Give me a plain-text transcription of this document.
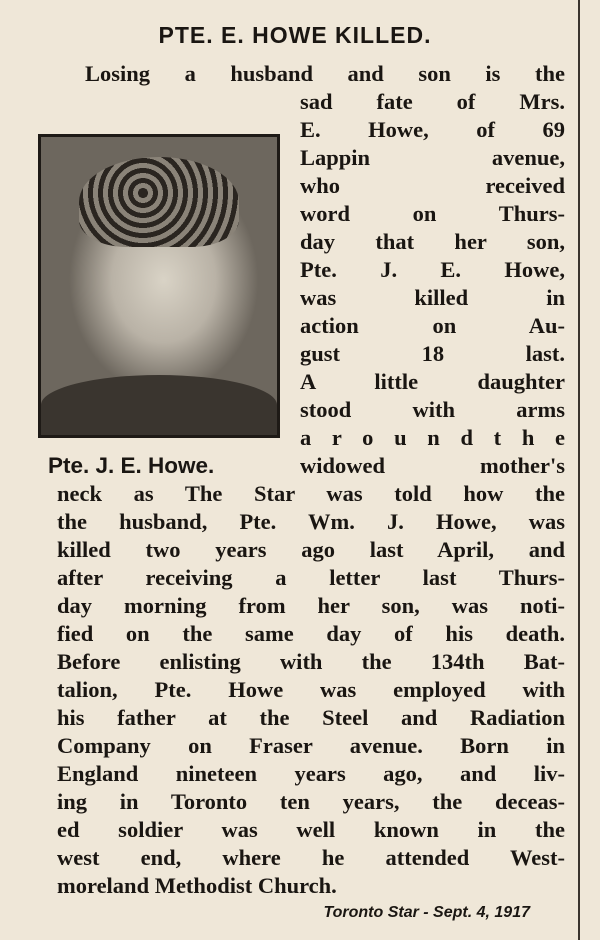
PTE. E. HOWE KILLED.
Pte. J. E. Howe.
Losing a husband and son is the
sad fate of Mrs.
E. Howe, of 69
Lappin avenue,
who received
word on Thurs-
day that her son,
Pte. J. E. Howe,
was killed in
action on Au-
gust 18 last.
A little daughter
stood with arms
a r o u n d t h e
widowed mother's
neck as The Star was told how the
the husband, Pte. Wm. J. Howe, was
killed two years ago last April, and
after receiving a letter last Thurs-
day morning from her son, was noti-
fied on the same day of his death.
Before enlisting with the 134th Bat-
talion, Pte. Howe was employed with
his father at the Steel and Radiation
Company on Fraser avenue. Born in
England nineteen years ago, and liv-
ing in Toronto ten years, the deceas-
ed soldier was well known in the
west end, where he attended West-
moreland Methodist Church.
Toronto Star - Sept. 4, 1917
